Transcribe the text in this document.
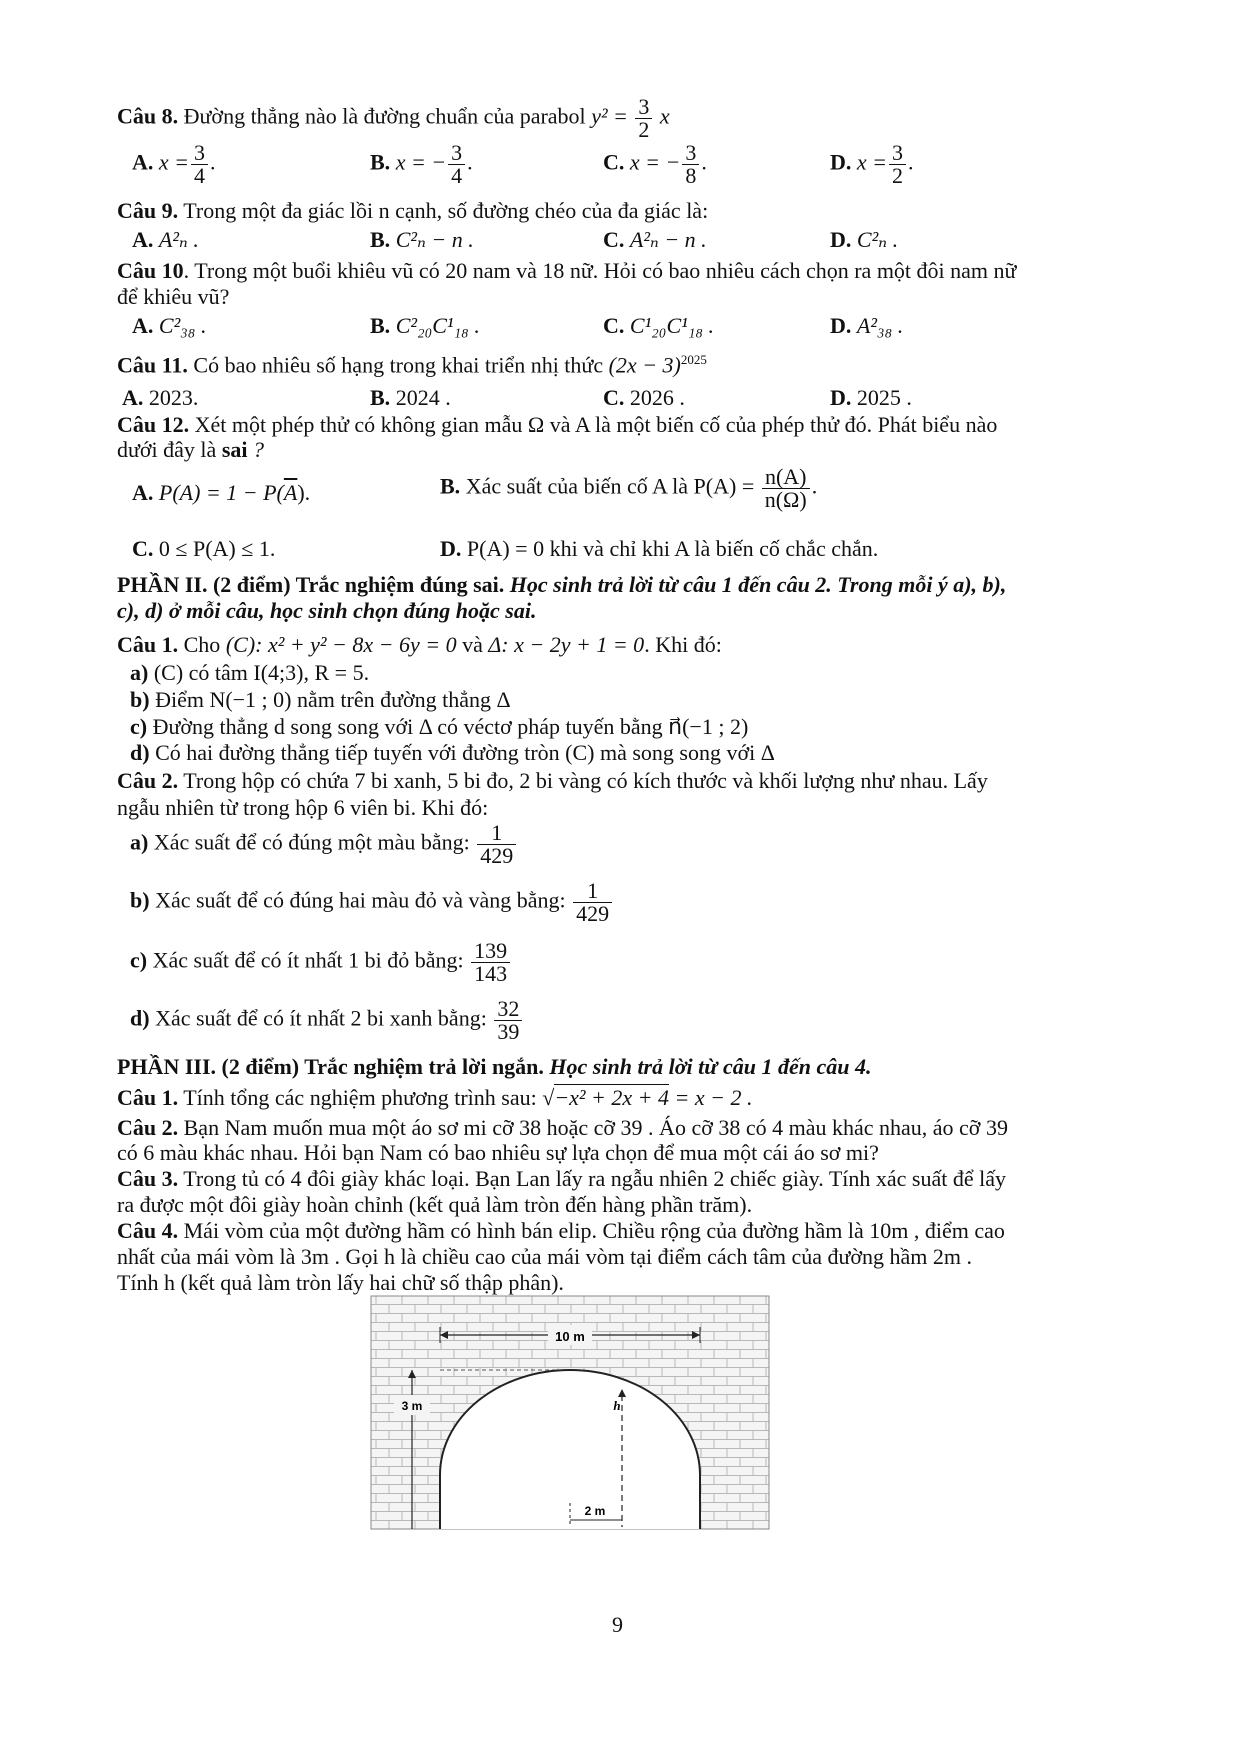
Câu 8. Đường thẳng nào là đường chuẩn của parabol $y^2 = \frac{3}{2}$ x
A. $x = \frac{3}{4}$ .	B. x = − $\frac{3}{4}$ .	C. x = − $\frac{3}{8}$ .	D. $x = \frac{3}{2}$ .
Câu 9. Trong một đa giác lồi n cạnh, số đường chéo của đa giác là:
A. A²ₙ .	B. C²ₙ − n .	C. A²ₙ − n .	D. C²ₙ .
Câu 10. Trong một buổi khiêu vũ có 20 nam và 18 nữ. Hỏi có bao nhiêu cách chọn ra một đôi nam nữ
để khiêu vũ?
A. C²₃₈ .	B. C²₂₀C¹₁₈ .	C. C¹₂₀C¹₁₈ .	D. A²₃₈ .
Câu 11. Có bao nhiêu số hạng trong khai triển nhị thức $(2x - 3)^{2025}$
A. 2023.	B. 2024 .	C. 2026 .	D. 2025 .
Câu 12. Xét một phép thử có không gian mẫu Ω và A là một biến cố của phép thử đó. Phát biểu nào
dưới đây là sai ?
A. $P(A) = 1 - P(\overline{A})$.	B. Xác suất của biến cố A là $P(A) = \frac{n(A)}{n(\Omega)}$ .
C. 0 ≤ P(A) ≤ 1.	D. P(A) = 0 khi và chỉ khi A là biến cố chắc chắn.
PHẦN II. (2 điểm) Trắc nghiệm đúng sai. Học sinh trả lời từ câu 1 đến câu 2. Trong mỗi ý a), b),
c), d) ở mỗi câu, học sinh chọn đúng hoặc sai.
Câu 1. Cho (C): x² + y² − 8x − 6y = 0 và Δ: x − 2y + 1 = 0. Khi đó:
a) (C) có tâm I(4;3), R = 5.
b) Điểm N(−1 ; 0) nằm trên đường thẳng Δ
c) Đường thẳng d song song với Δ có véctơ pháp tuyến bằng n⃗(−1 ; 2)
d) Có hai đường thẳng tiếp tuyến với đường tròn (C) mà song song với Δ
Câu 2. Trong hộp có chứa 7 bi xanh, 5 bi đo, 2 bi vàng có kích thước và khối lượng như nhau. Lấy
ngẫu nhiên từ trong hộp 6 viên bi. Khi đó:
a) Xác suất để có đúng một màu bằng: $\frac{1}{429}$
b) Xác suất để có đúng hai màu đỏ và vàng bằng: $\frac{1}{429}$
c) Xác suất để có ít nhất 1 bi đỏ bằng: $\frac{139}{143}$
d) Xác suất để có ít nhất 2 bi xanh bằng: $\frac{32}{39}$
PHẦN III. (2 điểm) Trắc nghiệm trả lời ngắn. Học sinh trả lời từ câu 1 đến câu 4.
Câu 1. Tính tổng các nghiệm phương trình sau: √−x² + 2x + 4 = x − 2 .
Câu 2. Bạn Nam muốn mua một áo sơ mi cỡ 38 hoặc cỡ 39 . Áo cỡ 38 có 4 màu khác nhau, áo cỡ 39
có 6 màu khác nhau. Hỏi bạn Nam có bao nhiêu sự lựa chọn để mua một cái áo sơ mi?
Câu 3. Trong tủ có 4 đôi giày khác loại. Bạn Lan lấy ra ngẫu nhiên 2 chiếc giày. Tính xác suất để lấy
ra được một đôi giày hoàn chỉnh (kết quả làm tròn đến hàng phần trăm).
Câu 4. Mái vòm của một đường hầm có hình bán elip. Chiều rộng của đường hầm là 10m , điểm cao
nhất của mái vòm là 3m . Gọi h là chiều cao của mái vòm tại điểm cách tâm của đường hầm 2m .
Tính h (kết quả làm tròn lấy hai chữ số thập phân).
10 m
3 m	h
2 m
9
